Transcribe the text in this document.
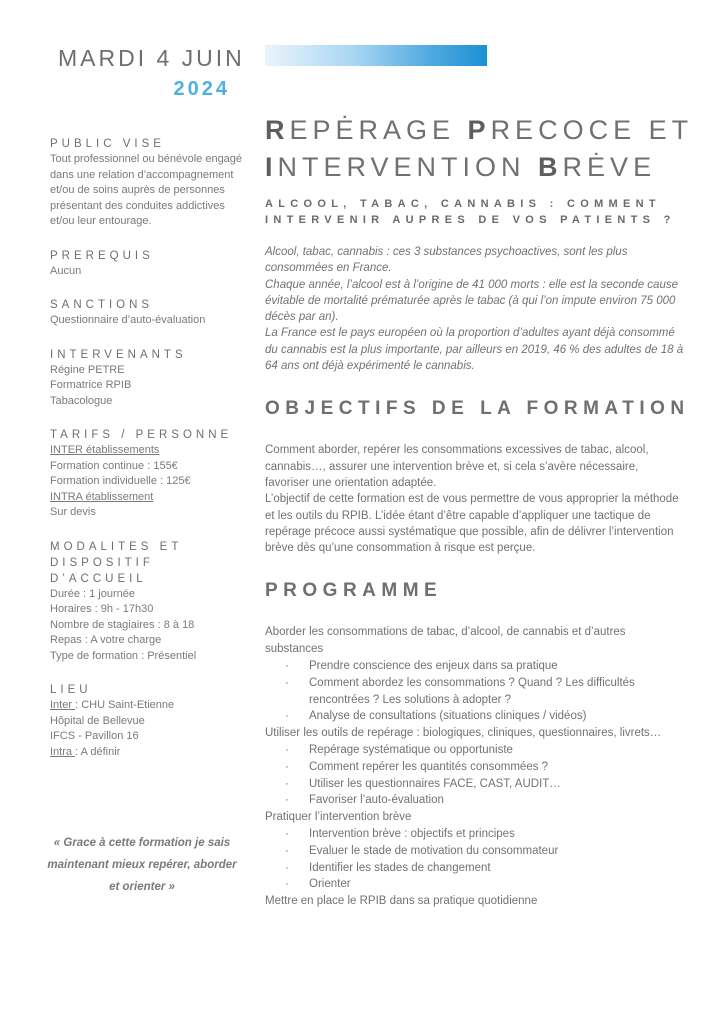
MARDI 4 JUIN
2024
PUBLIC VISE
Tout professionnel ou bénévole engagé dans une relation d’accompagnement et/ou de soins auprès de personnes présentant des conduites addictives et/ou leur entourage.
PREREQUIS
Aucun
SANCTIONS
Questionnaire d’auto-évaluation
INTERVENANTS
Régine PETRE
Formatrice RPIB
Tabacologue
TARIFS / PERSONNE
INTER établissements
Formation continue : 155€
Formation individuelle : 125€
INTRA établissement
Sur devis
MODALITES ET DISPOSITIF D’ACCUEIL
Durée : 1 journée
Horaires : 9h - 17h30
Nombre de stagiaires : 8 à 18
Repas : A votre charge
Type de formation : Présentiel
LIEU
Inter : CHU Saint-Etienne
Hôpital de Bellevue
IFCS - Pavillon 16
Intra : A définir
« Grace à cette formation je sais maintenant mieux repérer, aborder et orienter »
REPĖRAGE PRECOCE ET
INTERVENTION BRĖVE
ALCOOL, TABAC, CANNABIS : COMMENT INTERVENIR AUPRES DE VOS PATIENTS ?
Alcool, tabac, cannabis : ces 3 substances psychoactives, sont les plus consommées en France.
Chaque année, l’alcool est à l’origine de 41 000 morts : elle est la seconde cause évitable de mortalité prématurée après le tabac (à qui l’on impute environ 75 000 décès par an).
La France est le pays européen où la proportion d’adultes ayant déjà consommé du cannabis est la plus importante, par ailleurs en 2019, 46 % des adultes de 18 à 64 ans ont déjà expérimenté le cannabis.
OBJECTIFS DE LA FORMATION
Comment aborder, repérer les consommations excessives de tabac, alcool, cannabis…, assurer une intervention brève et, si cela s’avère nécessaire, favoriser une orientation adaptée.
L’objectif de cette formation est de vous permettre de vous approprier la méthode et les outils du RPIB. L’idée étant d’être capable d’appliquer une tactique de repérage précoce aussi systématique que possible, afin de délivrer l’intervention brève dès qu’une consommation à risque est perçue.
PROGRAMME
Aborder les consommations de tabac, d’alcool, de cannabis et d’autres substances
·	Prendre conscience des enjeux dans sa pratique
·	Comment abordez les consommations ? Quand ? Les difficultés rencontrées ? Les solutions à adopter ?
·	Analyse de consultations (situations cliniques / vidéos)
Utiliser les outils de repérage : biologiques, cliniques, questionnaires, livrets…
·	Repérage systématique ou opportuniste
·	Comment repérer les quantités consommées ?
·	Utiliser les questionnaires FACE, CAST, AUDIT…
·	Favoriser l’auto-évaluation
Pratiquer l’intervention brève
·	Intervention brève : objectifs et principes
·	Evaluer le stade de motivation du consommateur
·	Identifier les stades de changement
·	Orienter
Mettre en place le RPIB dans sa pratique quotidienne
